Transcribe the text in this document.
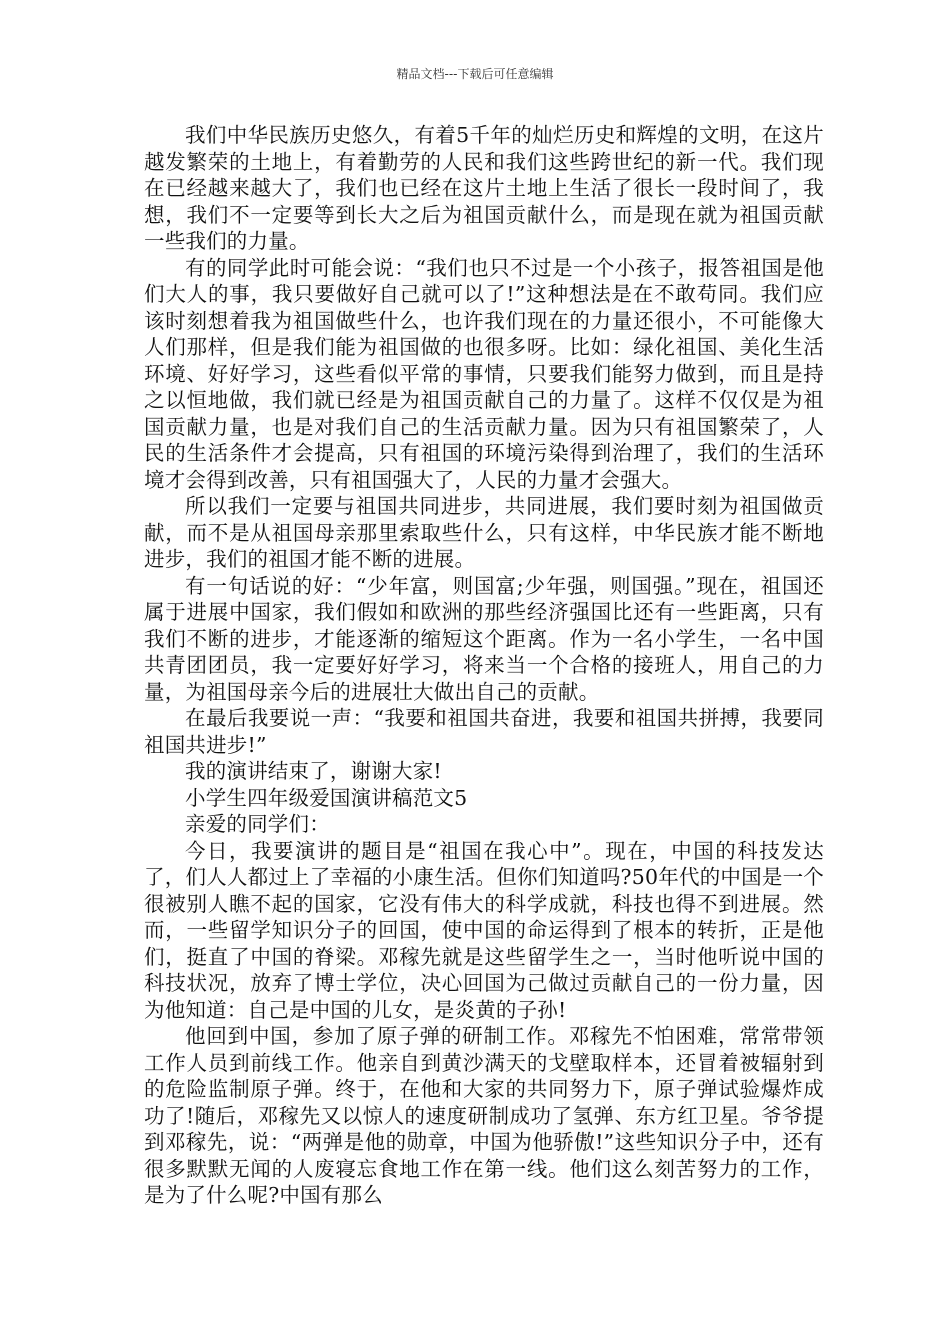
精品文档---下载后可任意编辑

我们中华民族历史悠久，有着5千年的灿烂历史和辉煌的文明，在这片越发繁荣的土地上，有着勤劳的人民和我们这些跨世纪的新一代。我们现在已经越来越大了，我们也已经在这片土地上生活了很长一段时间了，我想，我们不一定要等到长大之后为祖国贡献什么，而是现在就为祖国贡献一些我们的力量。

有的同学此时可能会说：“我们也只不过是一个小孩子，报答祖国是他们大人的事，我只要做好自己就可以了!”这种想法是在不敢苟同。我们应该时刻想着我为祖国做些什么，也许我们现在的力量还很小，不可能像大人们那样，但是我们能为祖国做的也很多呀。比如：绿化祖国、美化生活环境、好好学习，这些看似平常的事情，只要我们能努力做到，而且是持之以恒地做，我们就已经是为祖国贡献自己的力量了。这样不仅仅是为祖国贡献力量，也是对我们自己的生活贡献力量。因为只有祖国繁荣了，人民的生活条件才会提高，只有祖国的环境污染得到治理了，我们的生活环境才会得到改善，只有祖国强大了，人民的力量才会强大。

所以我们一定要与祖国共同进步，共同进展，我们要时刻为祖国做贡献，而不是从祖国母亲那里索取些什么，只有这样，中华民族才能不断地进步，我们的祖国才能不断的进展。

有一句话说的好：“少年富，则国富;少年强，则国强。”现在，祖国还属于进展中国家，我们假如和欧洲的那些经济强国比还有一些距离，只有我们不断的进步，才能逐渐的缩短这个距离。作为一名小学生，一名中国共青团团员，我一定要好好学习，将来当一个合格的接班人，用自己的力量，为祖国母亲今后的进展壮大做出自己的贡献。

在最后我要说一声：“我要和祖国共奋进，我要和祖国共拼搏，我要同祖国共进步!”

我的演讲结束了，谢谢大家!

小学生四年级爱国演讲稿范文5

亲爱的同学们：

今日，我要演讲的题目是“祖国在我心中”。现在，中国的科技发达了，们人人都过上了幸福的小康生活。但你们知道吗?50年代的中国是一个很被别人瞧不起的国家，它没有伟大的科学成就，科技也得不到进展。然而，一些留学知识分子的回国，使中国的命运得到了根本的转折，正是他们，挺直了中国的脊梁。邓稼先就是这些留学生之一，当时他听说中国的科技状况，放弃了博士学位，决心回国为己做过贡献自己的一份力量，因为他知道：自己是中国的儿女，是炎黄的子孙!

他回到中国，参加了原子弹的研制工作。邓稼先不怕困难，常常带领工作人员到前线工作。他亲自到黄沙满天的戈壁取样本，还冒着被辐射到的危险监制原子弹。终于，在他和大家的共同努力下，原子弹试验爆炸成功了!随后，邓稼先又以惊人的速度研制成功了氢弹、东方红卫星。爷爷提到邓稼先，说：“两弹是他的勋章，中国为他骄傲!”这些知识分子中，还有很多默默无闻的人废寝忘食地工作在第一线。他们这么刻苦努力的工作，是为了什么呢?中国有那么
